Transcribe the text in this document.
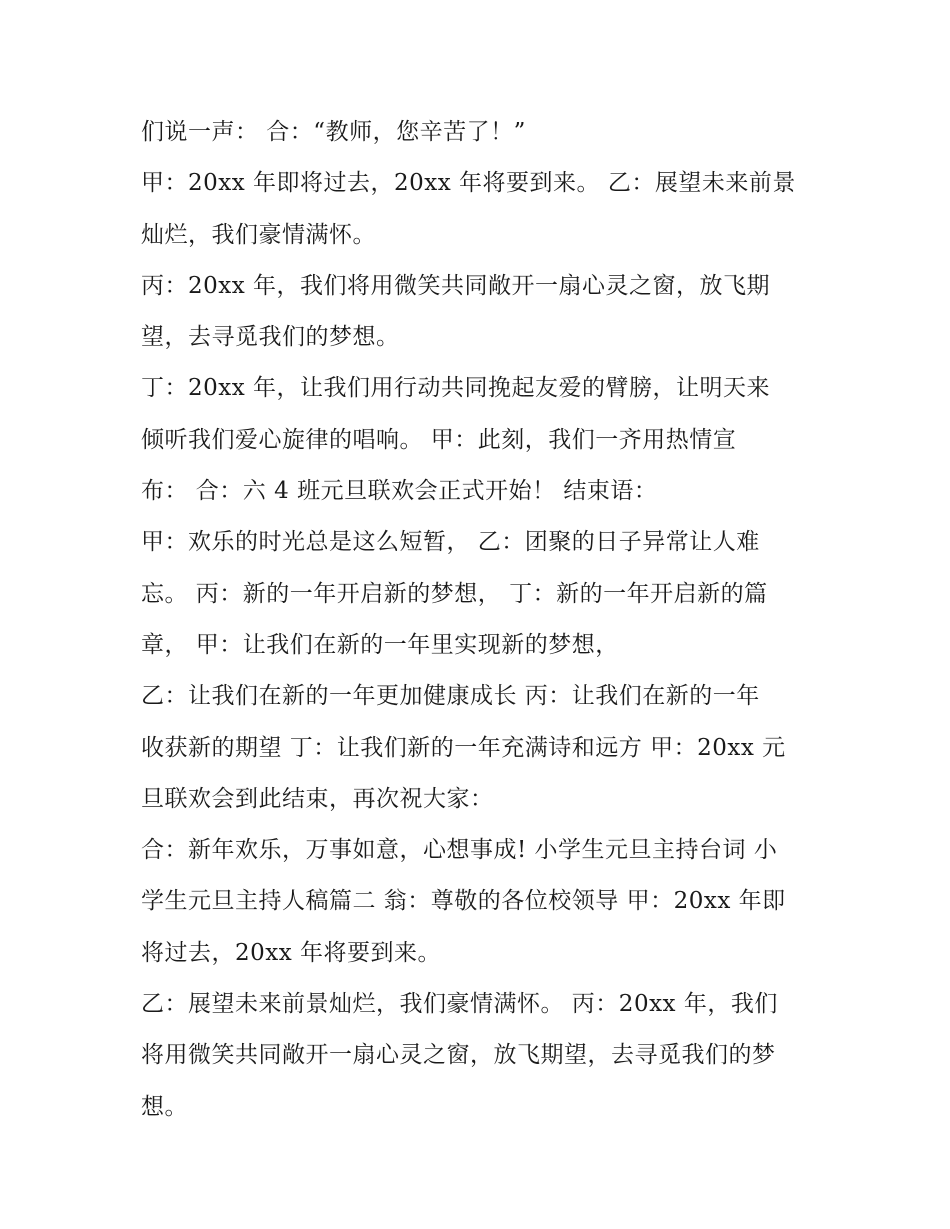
们说一声： 合：“教师，您辛苦了！”
甲：20xx 年即将过去，20xx 年将要到来。 乙：展望未来前景
灿烂，我们豪情满怀。
丙：20xx 年，我们将用微笑共同敞开一扇心灵之窗，放飞期
望，去寻觅我们的梦想。
丁：20xx 年，让我们用行动共同挽起友爱的臂膀，让明天来
倾听我们爱心旋律的唱响。 甲：此刻，我们一齐用热情宣
布： 合：六 4 班元旦联欢会正式开始！ 结束语：
甲：欢乐的时光总是这么短暂， 乙：团聚的日子异常让人难
忘。 丙：新的一年开启新的梦想， 丁：新的一年开启新的篇
章， 甲：让我们在新的一年里实现新的梦想，
乙：让我们在新的一年更加健康成长 丙：让我们在新的一年
收获新的期望 丁：让我们新的一年充满诗和远方 甲：20xx 元
旦联欢会到此结束，再次祝大家：
合：新年欢乐，万事如意，心想事成! 小学生元旦主持台词 小
学生元旦主持人稿篇二 翁：尊敬的各位校领导 甲：20xx 年即
将过去，20xx 年将要到来。
乙：展望未来前景灿烂，我们豪情满怀。 丙：20xx 年，我们
将用微笑共同敞开一扇心灵之窗，放飞期望，去寻觅我们的梦
想。
